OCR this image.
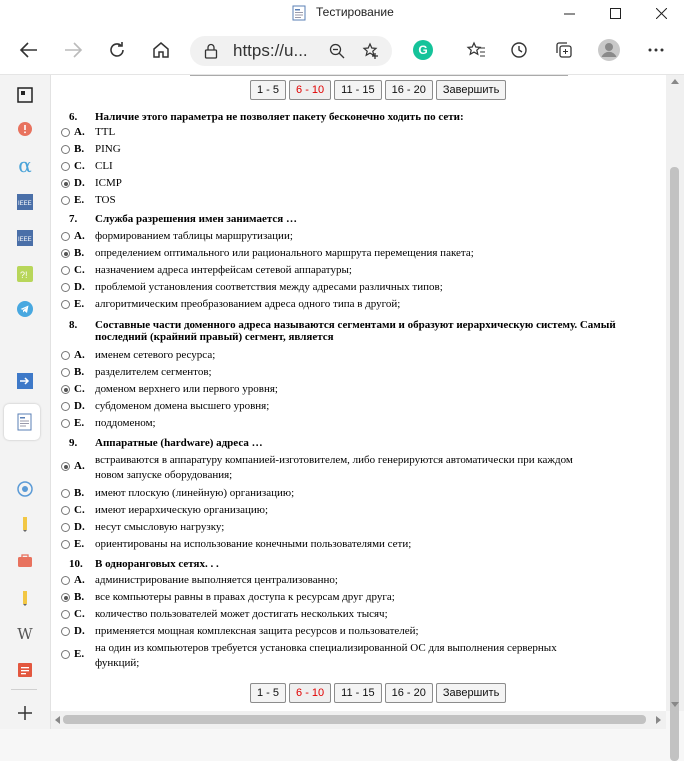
Тестирование
https://u...	G
α
IEEE
IEEE
?!
W
1 - 5	6 - 10	11 - 15	16 - 20	Завершить
6. Наличие этого параметра не позволяет пакету бесконечно ходить по сети:
A. TTL
B. PING
C. CLI
D. ICMP
E. TOS
7. Служба разрешения имен занимается …
A. формированием таблицы маршрутизации;
B. определением оптимального или рационального маршрута перемещения пакета;
C. назначением адреса интерфейсам сетевой аппаратуры;
D. проблемой установления соответствия между адресами различных типов;
E. алгоритмическим преобразованием адреса одного типа в другой;
8. Составные части доменного адреса называются сегментами и образуют иерархическую систему. Самый
последний (крайний правый) сегмент, является
A. именем сетевого ресурса;
B. разделителем сегментов;
C. доменом верхнего или первого уровня;
D. субдоменом домена высшего уровня;
E. поддоменом;
9. Аппаратные (hardware) адреса …
A. встраиваются в аппаратуру компанией-изготовителем, либо генерируются автоматически при каждом
новом запуске оборудования;
B. имеют плоскую (линейную) организацию;
C. имеют иерархическую организацию;
D. несут смысловую нагрузку;
E. ориентированы на использование конечными пользователями сети;
10. В одноранговых сетях. . .
A. администрирование выполняется централизованно;
B. все компьютеры равны в правах доступа к ресурсам друг друга;
C. количество пользователей может достигать нескольких тысяч;
D. применяется мощная комплексная защита ресурсов и пользователей;
E. на один из компьютеров требуется установка специализированной ОС для выполнения серверных
функций;
1 - 5	6 - 10	11 - 15	16 - 20	Завершить
